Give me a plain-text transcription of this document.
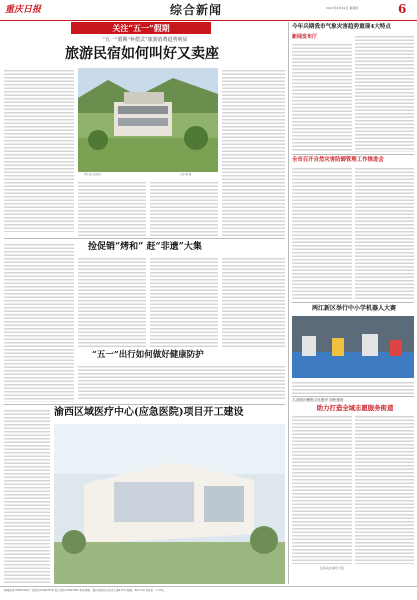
重庆日报	综合新闻	2021年4月29日 星期四	6
关注“五一”假期
“五一”假期“补偿式”旅游消费趋势明显
旅游民宿如何叫好又卖座
图片由记者提供	记者 谢 娟
捡促销“烤和” 赶“非遗”大集
“五一”出行如何做好健康防护
渝西区域医疗中心(应急医院)项目开工建设
今年兵期我市气象灾害趋势重现4大特点
新闻发布厅
全市召开自然灾害防御管理工作推进会
两江新区举行中小学机器人大赛
九龙坡区聚焦文化惠民 加快建设
助力打造全域志愿服务街道
扫码关注重庆日报
新闻热线 63907000 广告热线 63907878 发行热线 63907000 本报地址：重庆市渝北区同茂大道416号 邮编：401120 零售价：1.50元
